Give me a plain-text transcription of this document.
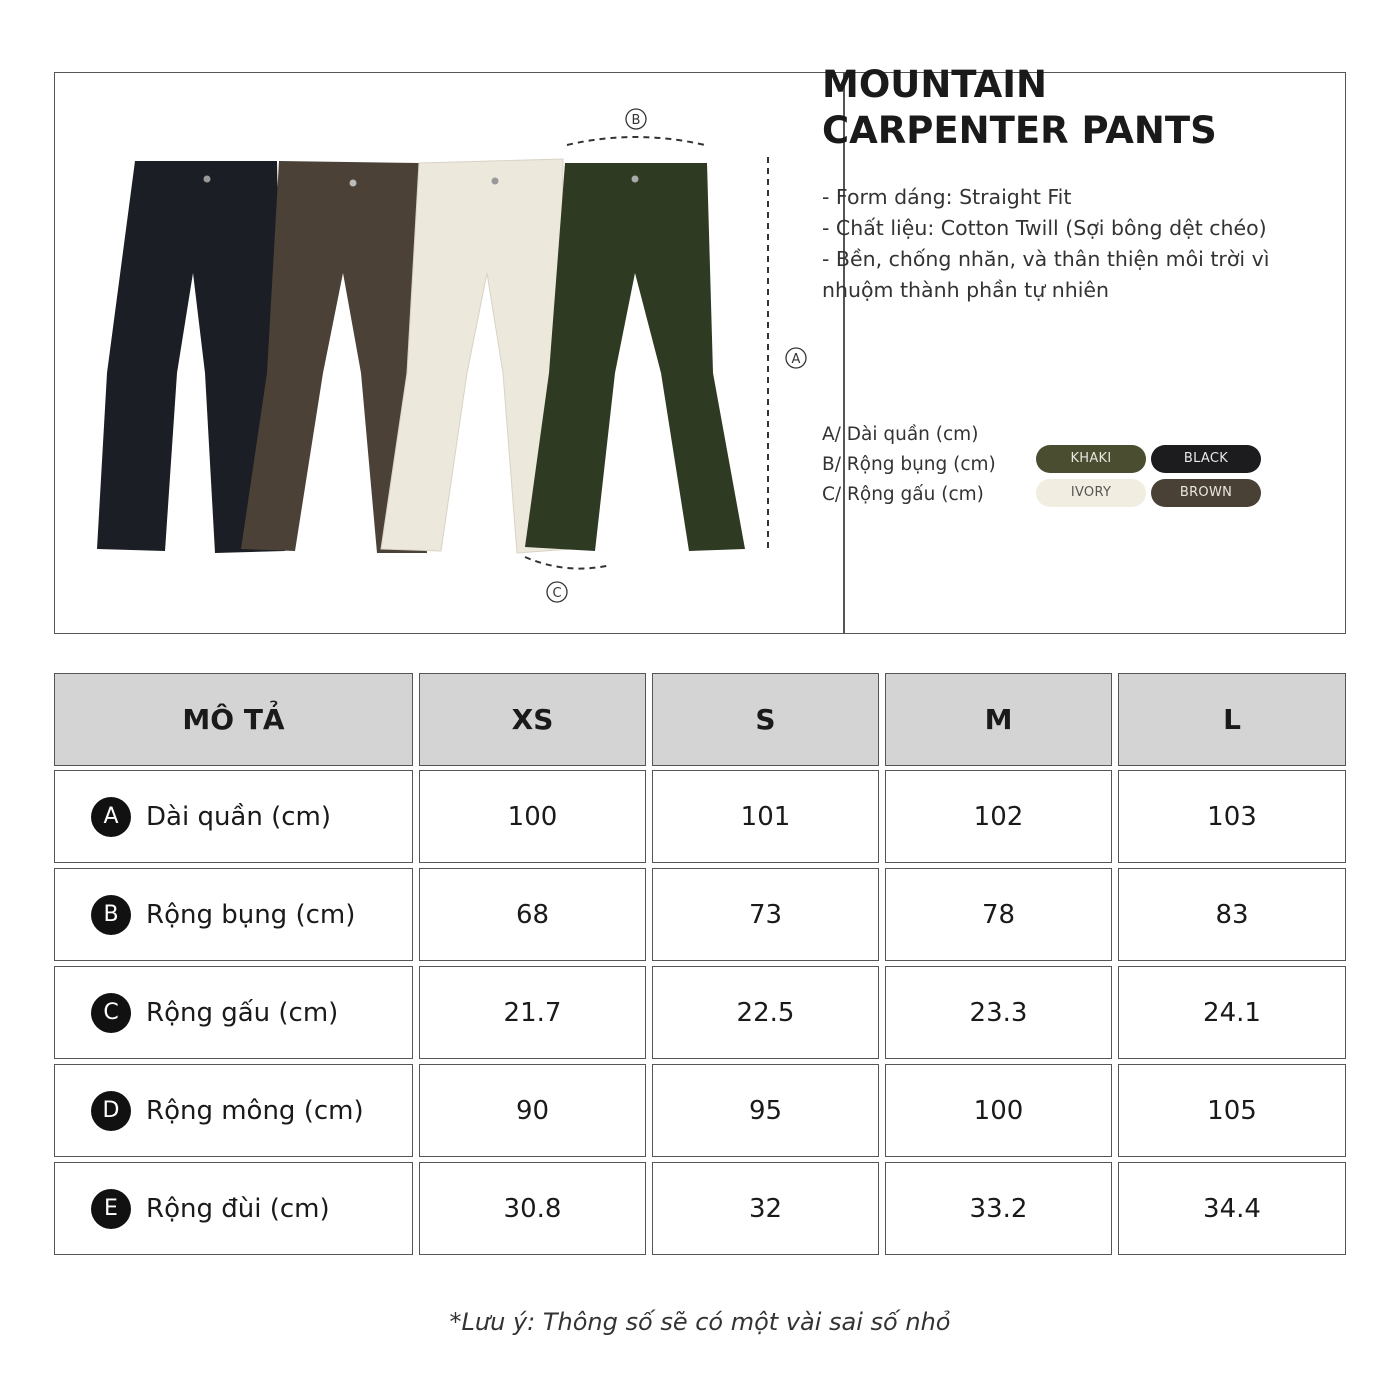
B
A
C
MOUNTAIN
CARPENTER PANTS
- Form dáng: Straight Fit
- Chất liệu: Cotton Twill (Sợi bông dệt chéo)
- Bền, chống nhăn, và thân thiện môi trời vì nhuộm thành phần tự nhiên
A/ Dài quần (cm)
B/ Rộng bụng (cm)
C/ Rộng gấu (cm)
KHAKI	BLACK
IVORY	BROWN
MÔ TẢ	XS	S	M	L
A	Dài quần (cm)	100	101	102	103
B	Rộng bụng (cm)	68	73	78	83
C	Rộng gấu (cm)	21.7	22.5	23.3	24.1
D	Rộng mông (cm)	90	95	100	105
E	Rộng đùi (cm)	30.8	32	33.2	34.4
*Lưu ý: Thông số sẽ có một vài sai số nhỏ
